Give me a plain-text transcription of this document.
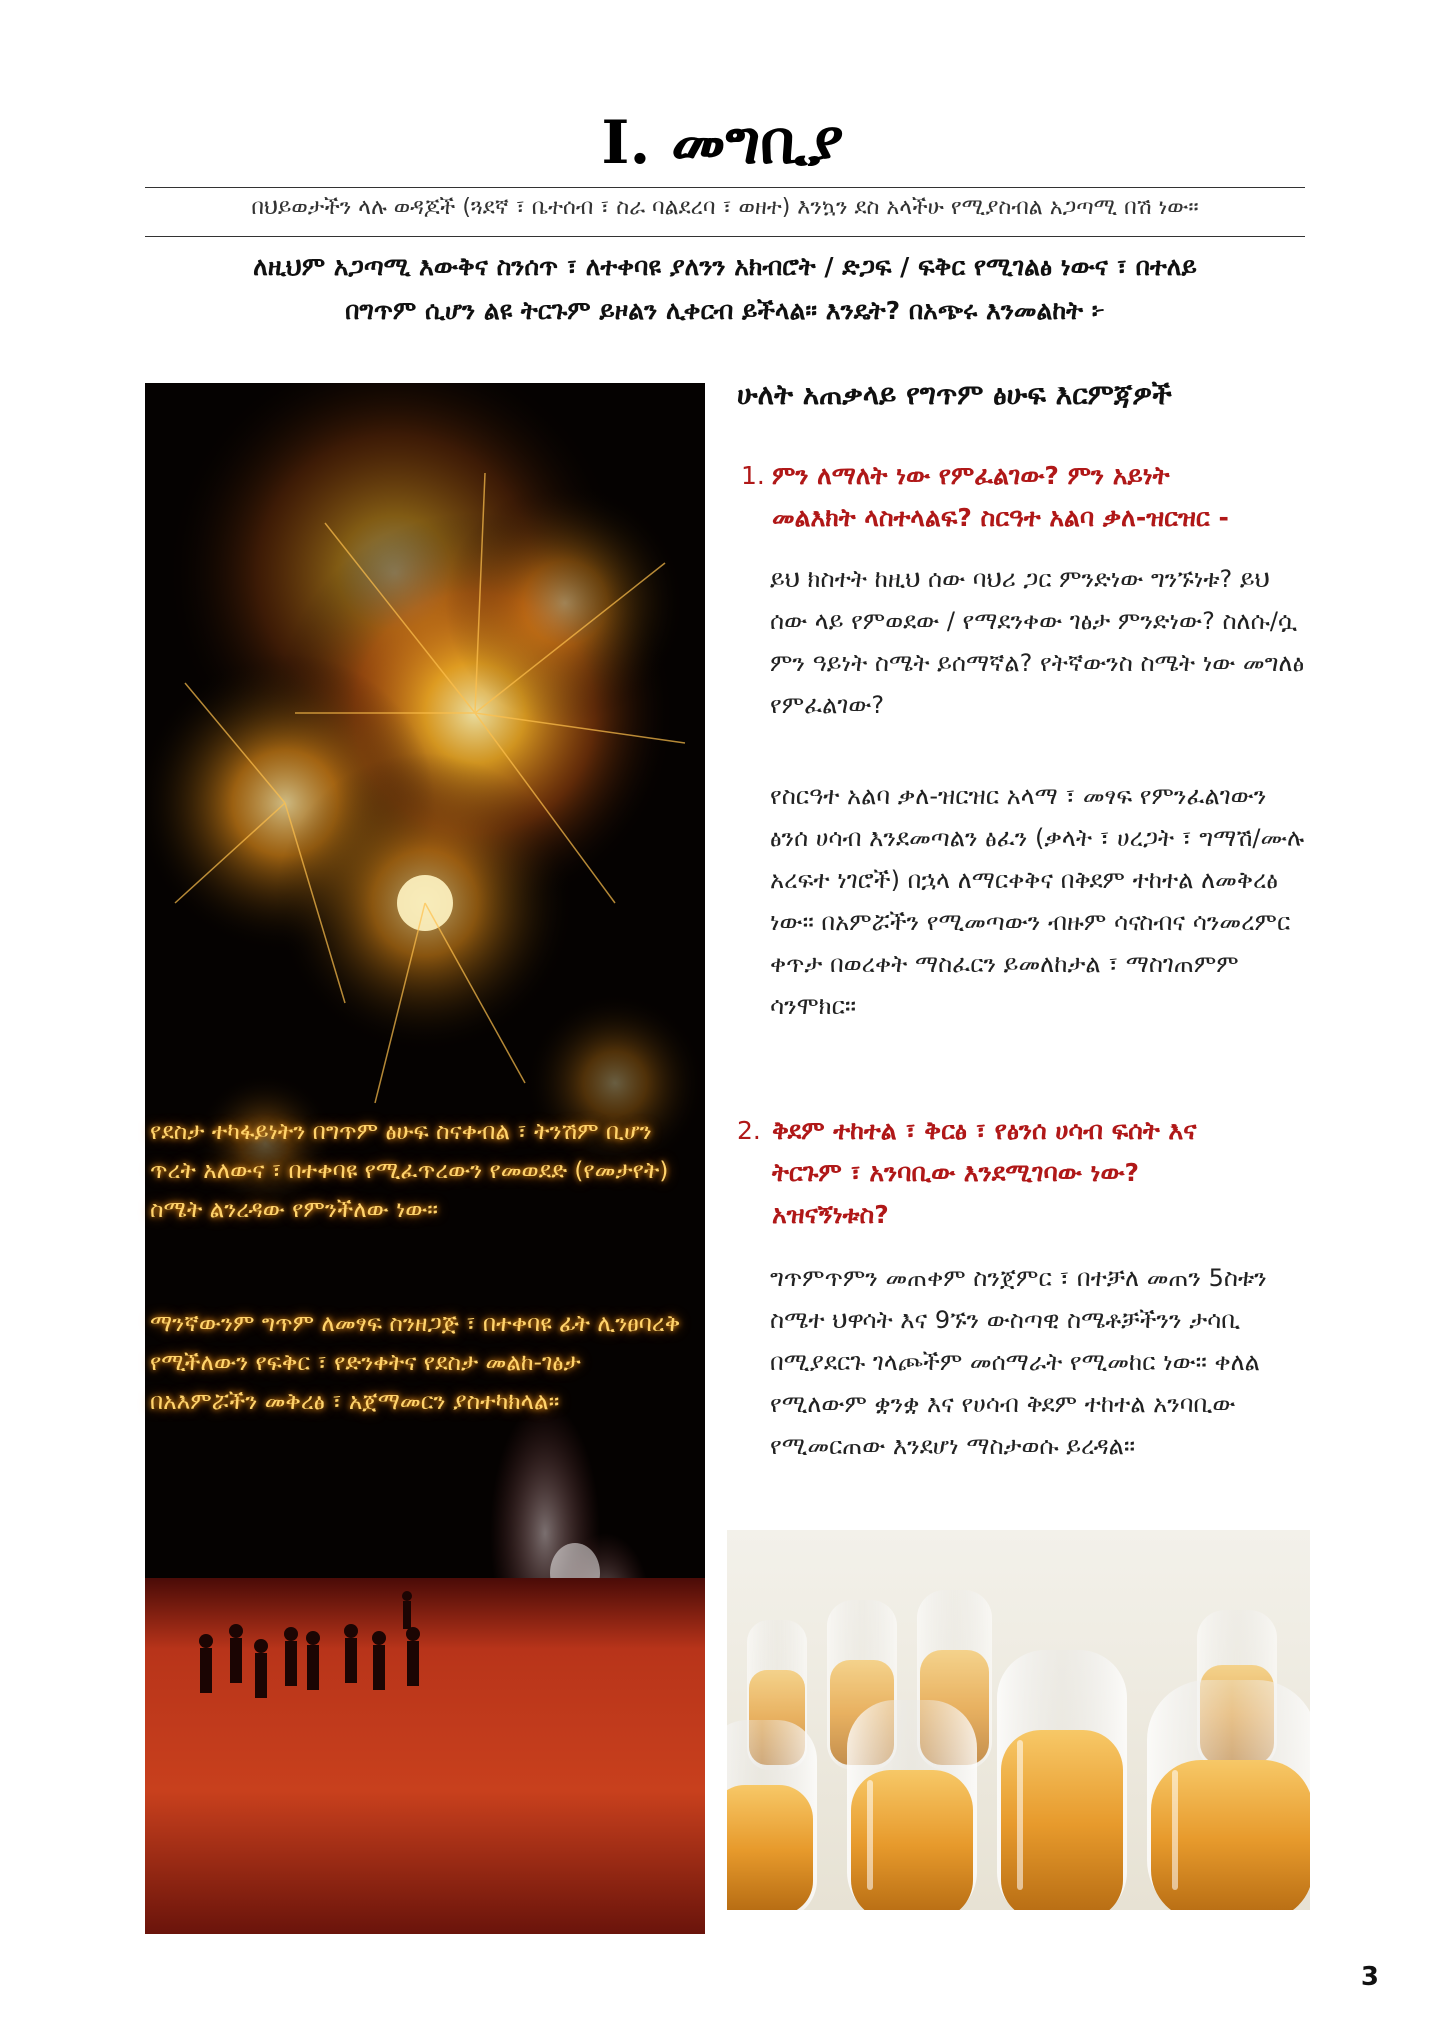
I. መግቢያ
በህይወታችን ላሉ ወዳጆች (ጓደኛ ፣ ቤተሰብ ፣ ስራ ባልደረባ ፣ ወዘተ) እንኳን ደስ አላችሁ የሚያስብል አጋጣሚ በሽ ነው።
ለዚህም አጋጣሚ እውቅና ስንሰጥ ፣ ለተቀባዩ ያለንን አክብሮት / ድጋፍ / ፍቅር የሚገልፅ ነውና ፣ በተለይ
በግጥም ሲሆን ልዩ ትርጉም ይዞልን ሊቀርብ ይችላል። እንዴት? በአጭሩ እንመልከት ፦
የደስታ ተካፋይነትን በግጥም ፅሁፍ ስናቀብል ፣ ትንሽም ቢሆን ጥረት አለውና ፣ በተቀባዩ የሚፈጥረውን የመወደድ (የመታየት) ስሜት ልንረዳው የምንችለው ነው።
ማንኛውንም ግጥም ለመፃፍ ስንዘጋጅ ፣ በተቀባዩ ፊት ሊንፀባረቅ የሚችለውን የፍቅር ፣ የድንቀትና የደስታ መልከ-ገፅታ በአእምሯችን መቅረፅ ፣ አጀማመርን ያስተካክላል።
ሁለት አጠቃላይ የግጥም ፅሁፍ እርምጃዎች
1. ምን ለማለት ነው የምፈልገው? ምን አይነት
መልእክት ላስተላልፍ? ስርዓተ አልባ ቃለ-ዝርዝር -
ይህ ክስተት ከዚህ ሰው ባህሪ ጋር ምንድነው ግንኙነቱ? ይህ ሰው ላይ የምወደው / የማደንቀው ገፅታ ምንድነው? ስለሱ/ሷ ምን ዓይነት ስሜት ይሰማኛል? የትኛውንስ ስሜት ነው መግለፅ የምፈልገው?
የስርዓተ አልባ ቃለ-ዝርዝር አላማ ፣ መፃፍ የምንፈልገውን ፅንሰ ሀሳብ እንደመጣልን ፅፈን (ቃላት ፣ ሀረጋት ፣ ግማሽ/ሙሉ አረፍተ ነገሮች) በኋላ ለማርቀቅና በቅደም ተከተል ለመቅረፅ ነው። በአምሯችን የሚመጣውን ብዙም ሳናስብና ሳንመረምር ቀጥታ በወረቀት ማስፈርን ይመለከታል ፣ ማስገጠምም ሳንሞክር።
2. ቅደም ተከተል ፣ ቅርፅ ፣ የፅንሰ ሀሳብ ፍሰት እና
ትርጉም ፣ አንባቢው እንደሚገባው ነው?
አዝናኝነቱስ?
ግጥምጥምን መጠቀም ስንጀምር ፣ በተቻለ መጠን 5ስቱን ስሜተ ህዋሳት እና 9ኙን ውስጣዊ ስሜቶቻችንን ታሳቢ በሚያደርጉ ገላጮችም መሰማራት የሚመከር ነው። ቀለል የሚለውም ቋንቋ እና የሀሳብ ቅደም ተከተል አንባቢው የሚመርጠው እንደሆነ ማስታወሱ ይረዳል።
3
